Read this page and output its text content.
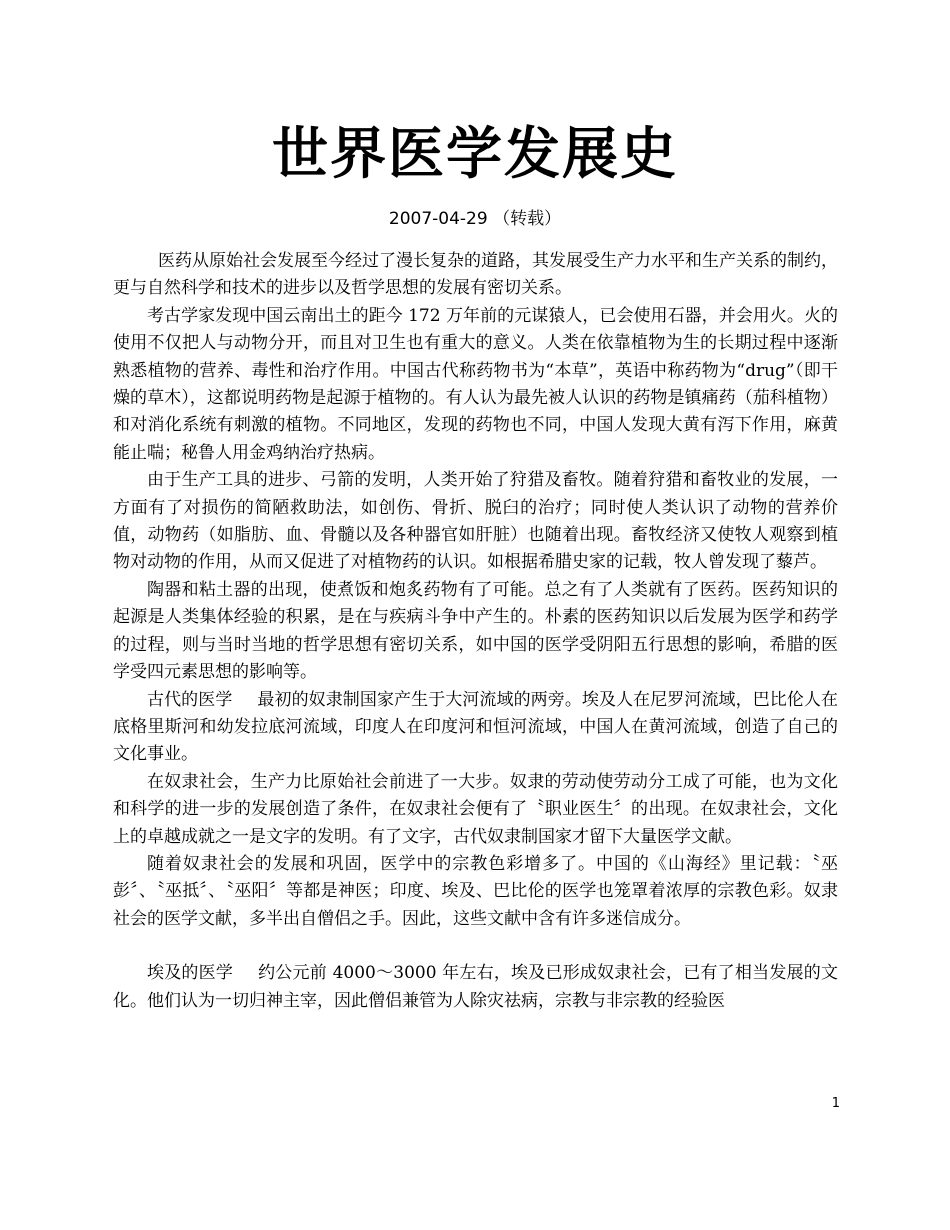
世界医学发展史
2007-04-29 （转载）

医药从原始社会发展至今经过了漫长复杂的道路，其发展受生产力水平和生产关系的制约，更与自然科学和技术的进步以及哲学思想的发展有密切关系。

考古学家发现中国云南出土的距今 172 万年前的元谋猿人，已会使用石器，并会用火。火的使用不仅把人与动物分开，而且对卫生也有重大的意义。人类在依靠植物为生的长期过程中逐渐熟悉植物的营养、毒性和治疗作用。中国古代称药物书为“本草”，英语中称药物为“drug”（即干燥的草木），这都说明药物是起源于植物的。有人认为最先被人认识的药物是镇痛药（茄科植物）和对消化系统有刺激的植物。不同地区，发现的药物也不同，中国人发现大黄有泻下作用，麻黄能止喘；秘鲁人用金鸡纳治疗热病。

由于生产工具的进步、弓箭的发明，人类开始了狩猎及畜牧。随着狩猎和畜牧业的发展，一方面有了对损伤的简陋救助法，如创伤、骨折、脱臼的治疗；同时使人类认识了动物的营养价值，动物药（如脂肪、血、骨髓以及各种器官如肝脏）也随着出现。畜牧经济又使牧人观察到植物对动物的作用，从而又促进了对植物药的认识。如根据希腊史家的记载，牧人曾发现了藜芦。

陶器和粘土器的出现，使煮饭和炮炙药物有了可能。总之有了人类就有了医药。医药知识的起源是人类集体经验的积累，是在与疾病斗争中产生的。朴素的医药知识以后发展为医学和药学的过程，则与当时当地的哲学思想有密切关系，如中国的医学受阴阳五行思想的影响，希腊的医学受四元素思想的影响等。

古代的医学 最初的奴隶制国家产生于大河流域的两旁。埃及人在尼罗河流域，巴比伦人在底格里斯河和幼发拉底河流域，印度人在印度河和恒河流域，中国人在黄河流域，创造了自己的文化事业。

在奴隶社会，生产力比原始社会前进了一大步。奴隶的劳动使劳动分工成了可能，也为文化和科学的进一步的发展创造了条件，在奴隶社会便有了〝职业医生〞的出现。在奴隶社会，文化上的卓越成就之一是文字的发明。有了文字，古代奴隶制国家才留下大量医学文献。

随着奴隶社会的发展和巩固，医学中的宗教色彩增多了。中国的《山海经》里记载：〝巫彭〞、〝巫抵〞、〝巫阳〞等都是神医；印度、埃及、巴比伦的医学也笼罩着浓厚的宗教色彩。奴隶社会的医学文献，多半出自僧侣之手。因此，这些文献中含有许多迷信成分。

埃及的医学 约公元前 4000～3000 年左右，埃及已形成奴隶社会，已有了相当发展的文化。他们认为一切归神主宰，因此僧侣兼管为人除灾祛病，宗教与非宗教的经验医

1
